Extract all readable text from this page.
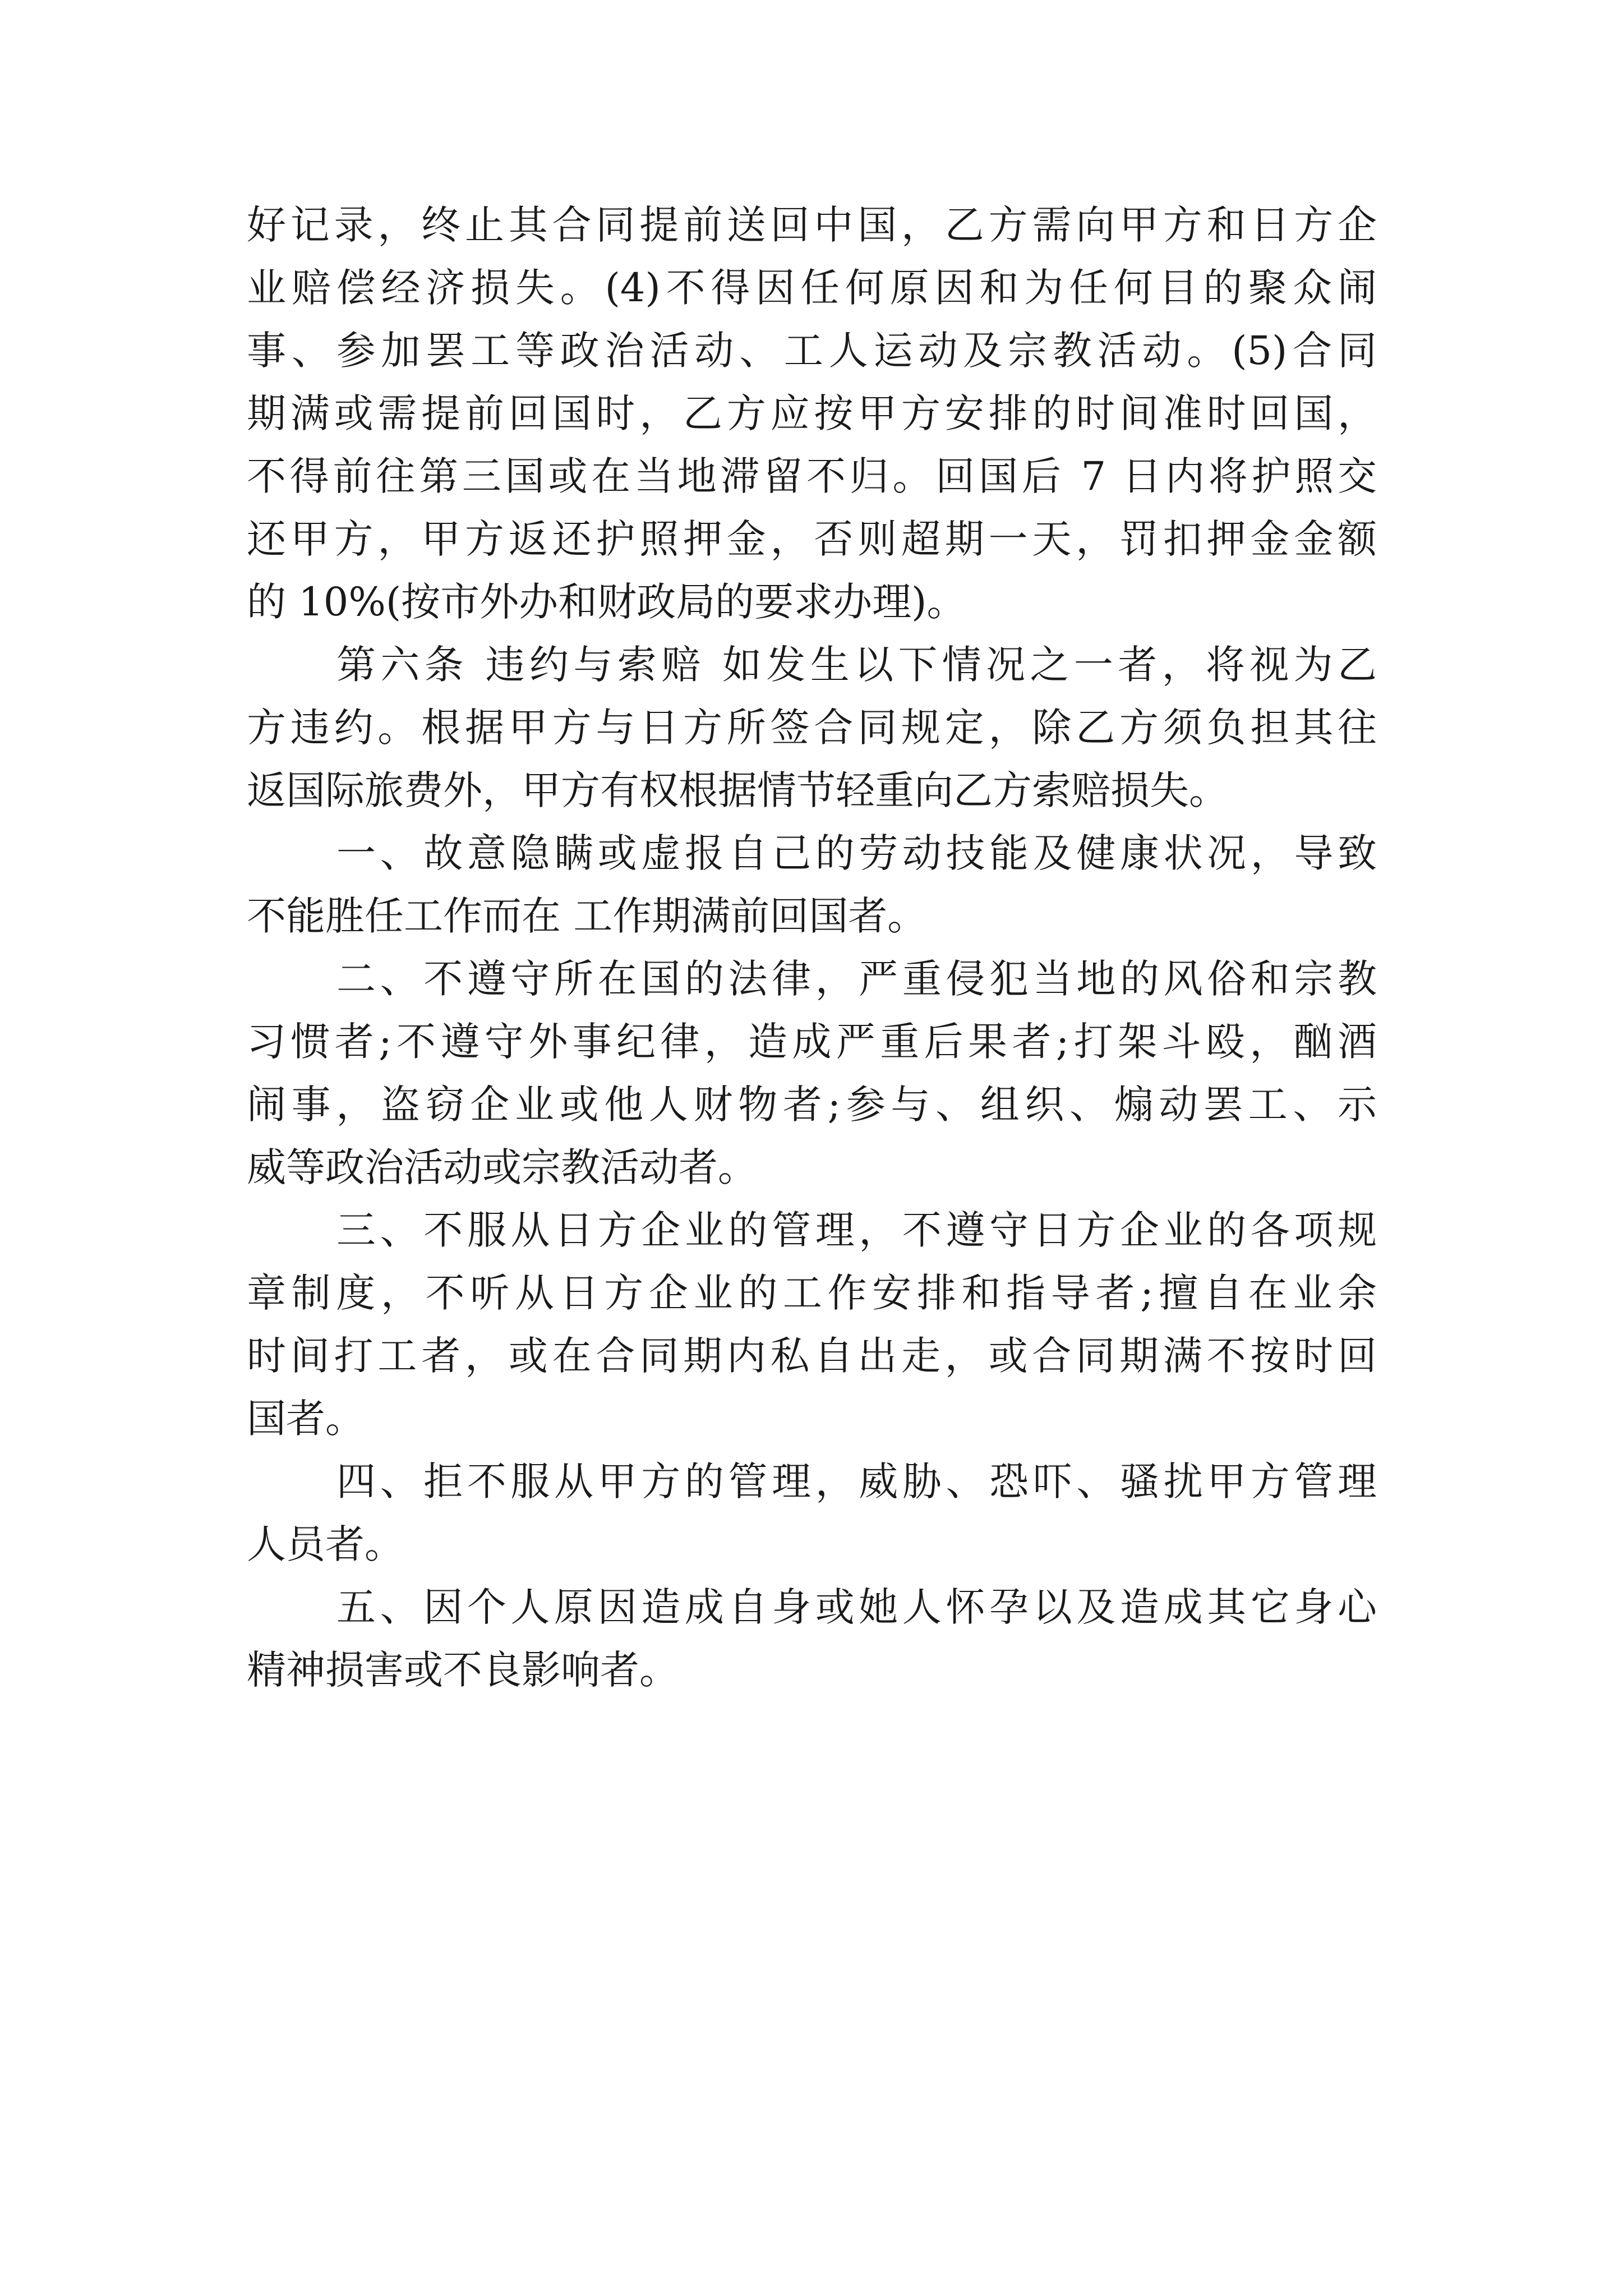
好记录，终止其合同提前送回中国，乙方需向甲方和日方企
业赔偿经济损失。(4)不得因任何原因和为任何目的聚众闹
事、参加罢工等政治活动、工人运动及宗教活动。(5)合同
期满或需提前回国时，乙方应按甲方安排的时间准时回国，
不得前往第三国或在当地滞留不归。回国后 7 日内将护照交
还甲方，甲方返还护照押金，否则超期一天，罚扣押金金额
的 10%(按市外办和财政局的要求办理)。
第六条 违约与索赔 如发生以下情况之一者，将视为乙
方违约。根据甲方与日方所签合同规定，除乙方须负担其往
返国际旅费外，甲方有权根据情节轻重向乙方索赔损失。
一、故意隐瞒或虚报自己的劳动技能及健康状况，导致
不能胜任工作而在 工作期满前回国者。
二、不遵守所在国的法律，严重侵犯当地的风俗和宗教
习惯者;不遵守外事纪律，造成严重后果者;打架斗殴，酗酒
闹事，盗窃企业或他人财物者;参与、组织、煽动罢工、示
威等政治活动或宗教活动者。
三、不服从日方企业的管理，不遵守日方企业的各项规
章制度，不听从日方企业的工作安排和指导者;擅自在业余
时间打工者，或在合同期内私自出走，或合同期满不按时回
国者。
四、拒不服从甲方的管理，威胁、恐吓、骚扰甲方管理
人员者。
五、因个人原因造成自身或她人怀孕以及造成其它身心
精神损害或不良影响者。
